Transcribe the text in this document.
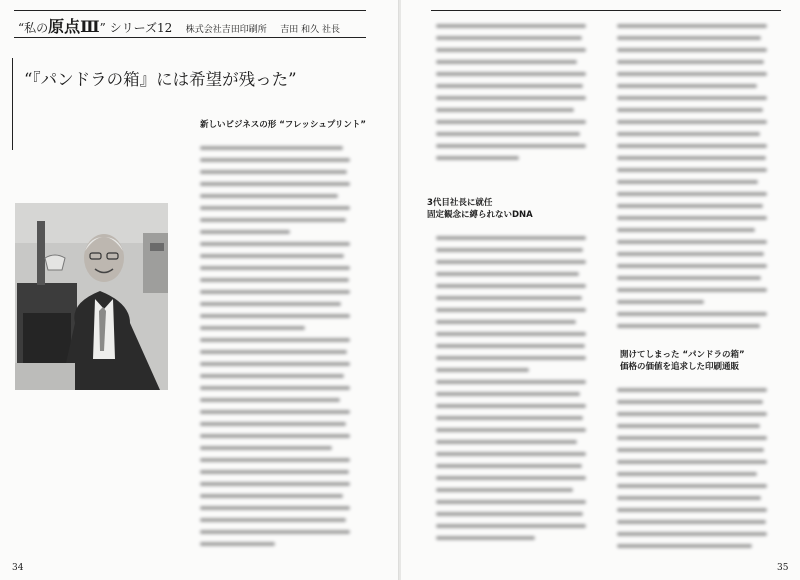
“私の原点Ⅲ” シリーズ12 株式会社吉田印刷所 吉田 和久 社長
“『パンドラの箱』には希望が残った”
新しいビジネスの形 “フレッシュプリント”
34
3代目社長に就任
固定観念に縛られないDNA
開けてしまった “パンドラの箱”
価格の価値を追求した印刷通販
35
